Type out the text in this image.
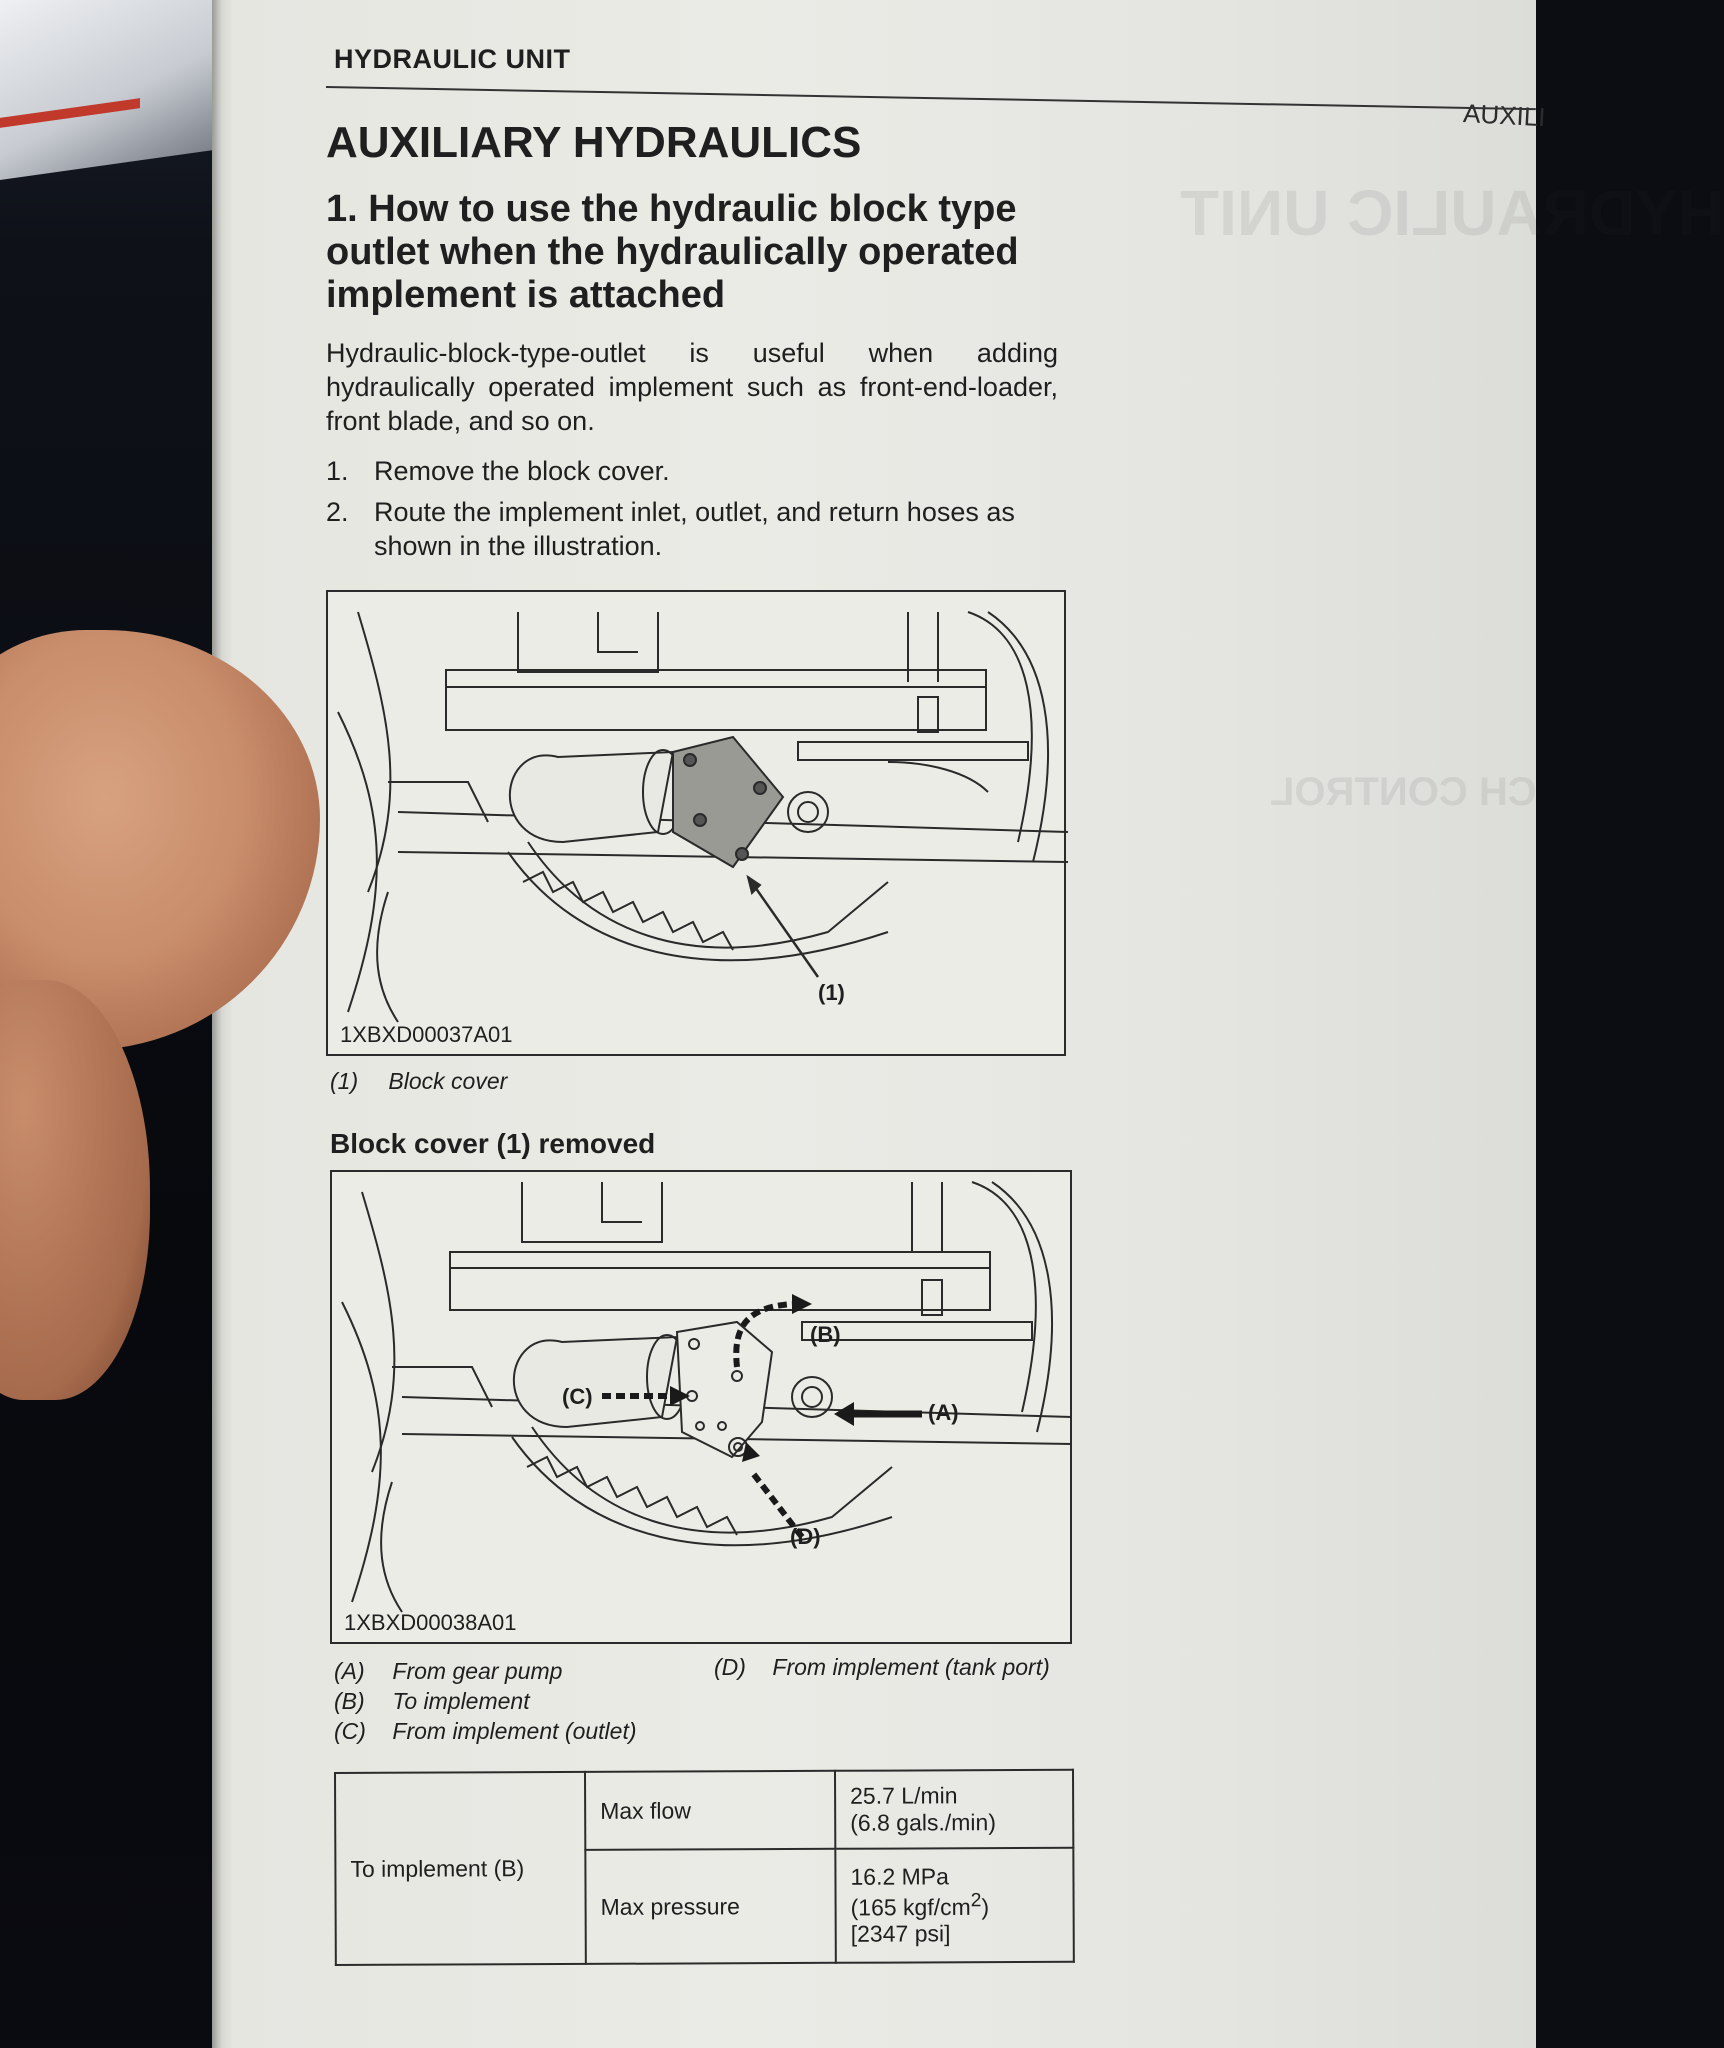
HYDRAULIC UNIT
CH CONTROL
AUXILI
HYDRAULIC UNIT
AUXILIARY HYDRAULICS
1. How to use the hydraulic block type outlet when the hydraulically operated implement is attached
Hydraulic-block-type-outlet is useful when adding hydraulically operated implement such as front-end-loader, front blade, and so on.
1. Remove the block cover.
2. Route the implement inlet, outlet, and return hoses as shown in the illustration.
(1)
1XBXD00037A01
(1) Block cover
Block cover (1) removed
(B)
(C)
(A)
(D)
1XBXD00038A01
(A) From gear pump
(B) To implement
(C) From implement (outlet)
(D) From implement (tank port)
To implement (B)	Max flow	25.7 L/min
(6.8 gals./min)

	Max pressure	16.2 MPa
(165 kgf/$cm^2$)
[2347 psi]
